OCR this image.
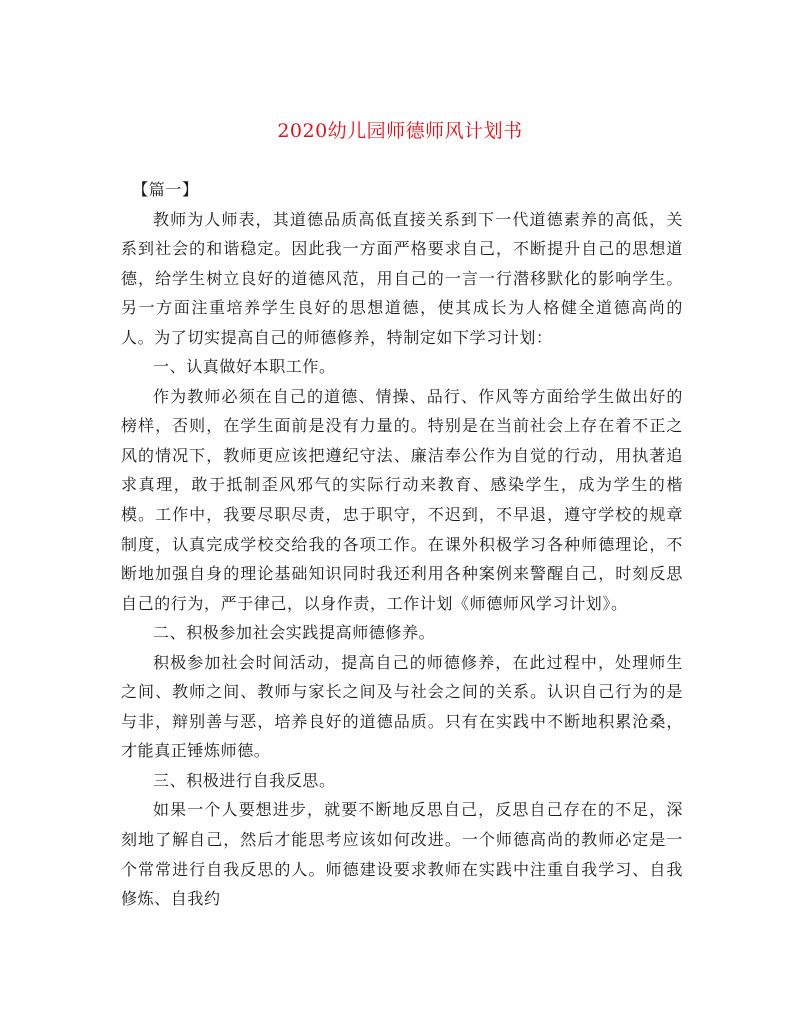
2020幼儿园师德师风计划书

【篇一】

教师为人师表，其道德品质高低直接关系到下一代道德素养的高低，关系到社会的和谐稳定。因此我一方面严格要求自己，不断提升自己的思想道德，给学生树立良好的道德风范，用自己的一言一行潜移默化的影响学生。另一方面注重培养学生良好的思想道德，使其成长为人格健全道德高尚的人。为了切实提高自己的师德修养，特制定如下学习计划：

一、认真做好本职工作。

作为教师必须在自己的道德、情操、品行、作风等方面给学生做出好的榜样，否则，在学生面前是没有力量的。特别是在当前社会上存在着不正之风的情况下，教师更应该把遵纪守法、廉洁奉公作为自觉的行动，用执著追求真理，敢于抵制歪风邪气的实际行动来教育、感染学生，成为学生的楷模。工作中，我要尽职尽责，忠于职守，不迟到，不早退，遵守学校的规章制度，认真完成学校交给我的各项工作。在课外积极学习各种师德理论，不断地加强自身的理论基础知识同时我还利用各种案例来警醒自己，时刻反思自己的行为，严于律己，以身作责，工作计划《师德师风学习计划》。

二、积极参加社会实践提高师德修养。

积极参加社会时间活动，提高自己的师德修养，在此过程中，处理师生之间、教师之间、教师与家长之间及与社会之间的关系。认识自己行为的是与非，辩别善与恶，培养良好的道德品质。只有在实践中不断地积累沧桑，才能真正锤炼师德。

三、积极进行自我反思。

如果一个人要想进步，就要不断地反思自己，反思自己存在的不足，深刻地了解自己，然后才能思考应该如何改进。一个师德高尚的教师必定是一个常常进行自我反思的人。师德建设要求教师在实践中注重自我学习、自我修炼、自我约
